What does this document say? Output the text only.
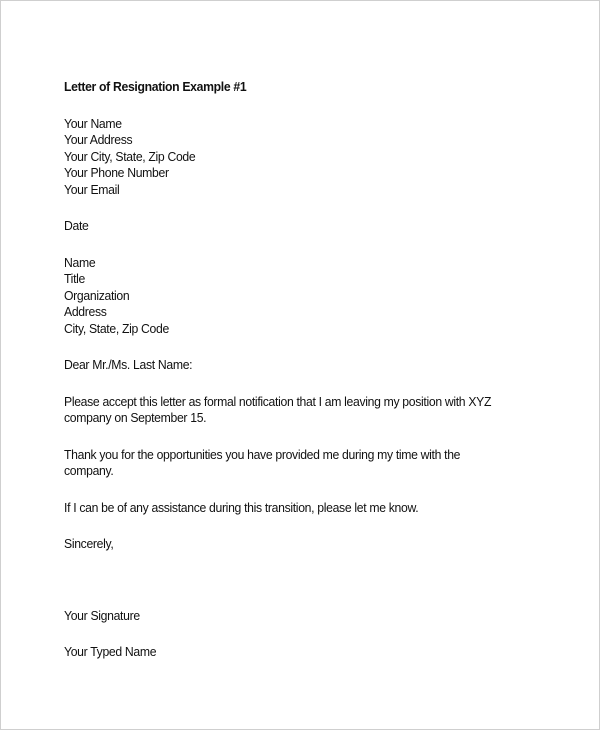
Letter of Resignation Example #1
Your Name
Your Address
Your City, State, Zip Code
Your Phone Number
Your Email
Date
Name
Title
Organization
Address
City, State, Zip Code
Dear Mr./Ms. Last Name:

Please accept this letter as formal notification that I am leaving my position with XYZ company on September 15.

Thank you for the opportunities you have provided me during my time with the company.

If I can be of any assistance during this transition, please let me know.

Sincerely,
Your Signature
Your Typed Name
